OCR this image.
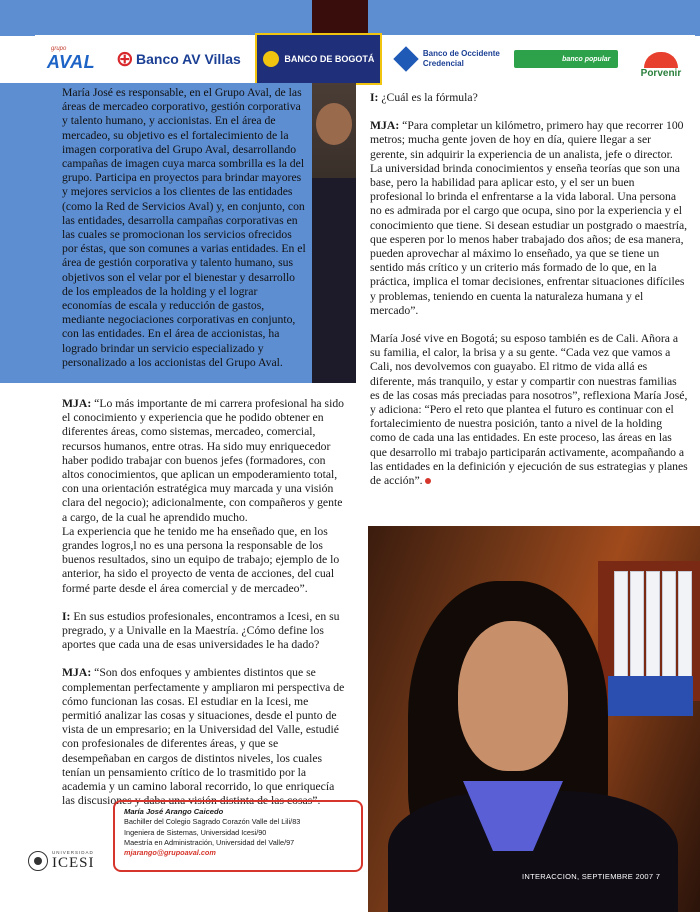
grupo
AVAL ⊕ Banco AV Villas	BANCO DE BOGOTÁ
Banco de Occidente
Credencial	banco popular
Porvenir
María José es responsable, en el Grupo Aval, de las áreas de mercadeo corporativo, gestión corporativa y talento humano, y accionistas. En el área de mercadeo, su objetivo es el fortalecimiento de la imagen corporativa del Grupo Aval, desarrollando campañas de imagen cuya marca sombrilla es la del grupo. Participa en proyectos para brindar mayores y mejores servicios a los clientes de las entidades (como la Red de Servicios Aval) y, en conjunto, con las entidades, desarrolla campañas corporativas en las cuales se promocionan los servicios ofrecidos por éstas, que son comunes a varias entidades. En el área de gestión corporativa y talento humano, sus objetivos son el velar por el bienestar y desarrollo de los empleados de la holding y el lograr economías de escala y reducción de gastos, mediante negociaciones corporativas en conjunto, con las entidades. En el área de accionistas, ha logrado brindar un servicio especializado y personalizado a los accionistas del Grupo Aval.

MJA: “Lo más importante de mi carrera profesional ha sido el conocimiento y experiencia que he podido obtener en diferentes áreas, como sistemas, mercadeo, comercial, recursos humanos, entre otras. Ha sido muy enriquecedor haber podido trabajar con buenos jefes (formadores, con altos conocimientos, que aplican un empoderamiento total, con una orientación estratégica muy marcada y una visión clara del negocio); adicionalmente, con compañeros y gente a cargo, de la cual he aprendido mucho.
La experiencia que he tenido me ha enseñado que, en los grandes logros,l no es una persona la responsable de los buenos resultados, sino un equipo de trabajo; ejemplo de lo anterior, ha sido el proyecto de venta de acciones, del cual formé parte desde el área comercial y de mercadeo”.

I: En sus estudios profesionales, encontramos a Icesi, en su pregrado, y a Univalle en la Maestría. ¿Cómo define los aportes que cada una de esas universidades le ha dado?

MJA: “Son dos enfoques y ambientes distintos que se complementan perfectamente y ampliaron mi perspectiva de cómo funcionan las cosas. El estudiar en la Icesi, me permitió analizar las cosas y situaciones, desde el punto de vista de un empresario; en la Universidad del Valle, estudié con profesionales de diferentes áreas, y que se desempeñaban en cargos de distintos niveles, los cuales tenían un pensamiento crítico de lo trasmitido por la academia y un camino laboral recorrido, lo que enriquecía las discusiones y daba una visión distinta de las cosas”.

I: ¿Cuál es la fórmula?

MJA: “Para completar un kilómetro, primero hay que recorrer 100 metros; mucha gente joven de hoy en día, quiere llegar a ser gerente, sin adquirir la experiencia de un analista, jefe o director. La universidad brinda conocimientos y enseña teorías que son una base, pero la habilidad para aplicar esto, y el ser un buen profesional lo brinda el enfrentarse a la vida laboral. Una persona no es admirada por el cargo que ocupa, sino por la experiencia y el conocimiento que tiene. Si desean estudiar un postgrado o maestría, que esperen por lo menos haber trabajado dos años; de esa manera, pueden aprovechar al máximo lo enseñado, ya que se tiene un sentido más crítico y un criterio más formado de lo que, en la práctica, implica el tomar decisiones, enfrentar situaciones difíciles y problemas, teniendo en cuenta la naturaleza humana y el mercado”.

María José vive en Bogotá; su esposo también es de Cali. Añora a su familia, el calor, la brisa y a su gente. “Cada vez que vamos a Cali, nos devolvemos con guayabo. El ritmo de vida allá es diferente, más tranquilo, y estar y compartir con nuestras familias es de las cosas más preciadas para nosotros”, reflexiona María José, y adiciona: “Pero el reto que plantea el futuro es continuar con el fortalecimiento de nuestra posición, tanto a nivel de la holding como de cada una las entidades. En este proceso, las áreas en las que desarrollo mi trabajo participarán activamente, acompañando a las entidades en la definición y ejecución de sus estrategias y planes de acción”.

INTERACCION, SEPTIEMBRE 2007 7
María José Arango Caicedo
Bachiller del Colegio Sagrado Corazón Valle del Lili/83
Ingeniera de Sistemas, Universidad Icesi/90
Maestría en Administración, Universidad del Valle/97
mjarango@grupoaval.com
UNIVERSIDAD
ICESI
